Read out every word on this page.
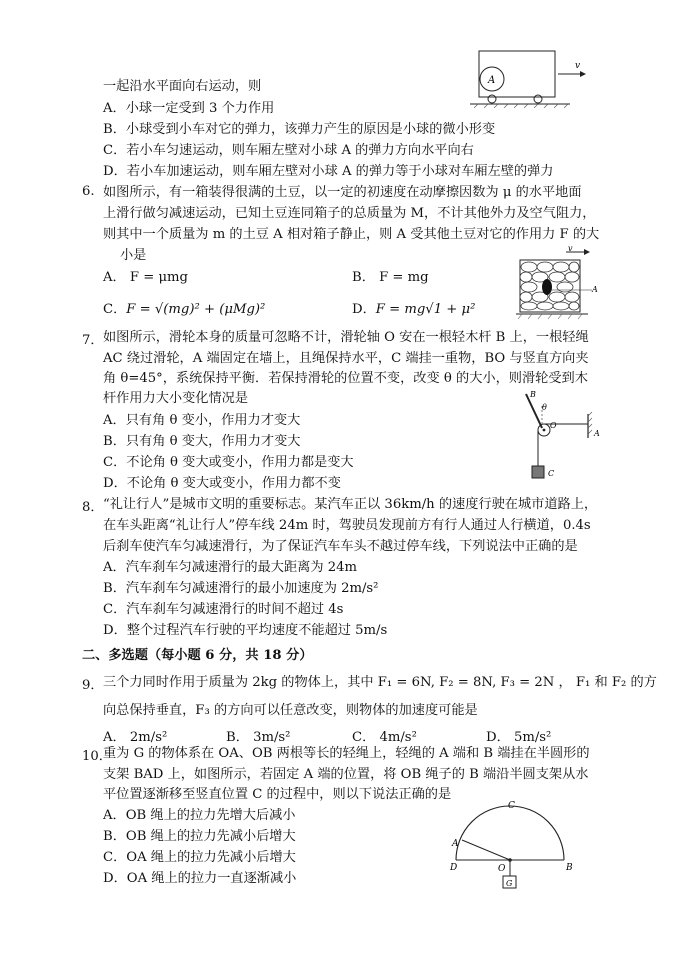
一起沿水平面向右运动，则
A．小球一定受到 3 个力作用
B．小球受到小车对它的弹力，该弹力产生的原因是小球的微小形变
C．若小车匀速运动，则车厢左壁对小球 A 的弹力方向水平向右
D．若小车加速运动，则车厢左壁对小球 A 的弹力等于小球对车厢左壁的弹力
A
v
6. 如图所示，有一箱装得很满的土豆，以一定的初速度在动摩擦因数为 μ 的水平地面
上滑行做匀减速运动，已知土豆连同箱子的总质量为 M，不计其他外力及空气阻力，
则其中一个质量为 m 的土豆 A 相对箱子静止，则 A 受其他土豆对它的作用力 F 的大
小是
A． F = μmg	B． F = mg
C．F = √(mg)² + (μMg)²	D．F = mg√1 + μ²
v
A
7． 如图所示，滑轮本身的质量可忽略不计，滑轮轴 O 安在一根轻木杆 B 上，一根轻绳
AC 绕过滑轮，A 端固定在墙上，且绳保持水平，C 端挂一重物，BO 与竖直方向夹
角 θ=45°，系统保持平衡．若保持滑轮的位置不变，改变 θ 的大小，则滑轮受到木
杆作用力大小变化情况是
A．只有角 θ 变小，作用力才变大
B．只有角 θ 变大，作用力才变大
C．不论角 θ 变大或变小，作用力都是变大
D．不论角 θ 变大或变小，作用力都不变
B
θ
O
A
C
8． “礼让行人”是城市文明的重要标志。某汽车正以 36km/h 的速度行驶在城市道路上，
在车头距离“礼让行人”停车线 24m 时，驾驶员发现前方有行人通过人行横道，0.4s
后刹车使汽车匀减速滑行，为了保证汽车车头不越过停车线，下列说法中正确的是
A．汽车刹车匀减速滑行的最大距离为 24m
B．汽车刹车匀减速滑行的最小加速度为 2m/s²
C．汽车刹车匀减速滑行的时间不超过 4s
D．整个过程汽车行驶的平均速度不能超过 5m/s
二、多选题（每小题 6 分，共 18 分）
9． 三个力同时作用于质量为 2kg 的物体上，其中 F₁ = 6N, F₂ = 8N, F₃ = 2N ， F₁ 和 F₂ 的方
向总保持垂直，F₃ 的方向可以任意改变，则物体的加速度可能是
A． 2m/s²	B． 3m/s²	C． 4m/s²	D． 5m/s²
10．
重为 G 的物体系在 OA、OB 两根等长的轻绳上，轻绳的 A 端和 B 端挂在半圆形的
支架 BAD 上，如图所示，若固定 A 端的位置，将 OB 绳子的 B 端沿半圆支架从水
平位置逐渐移至竖直位置 C 的过程中，则以下说法正确的是
A．OB 绳上的拉力先增大后减小
B．OB 绳上的拉力先减小后增大
C．OA 绳上的拉力先减小后增大
D．OA 绳上的拉力一直逐渐减小
C
A
D	B
O
G
